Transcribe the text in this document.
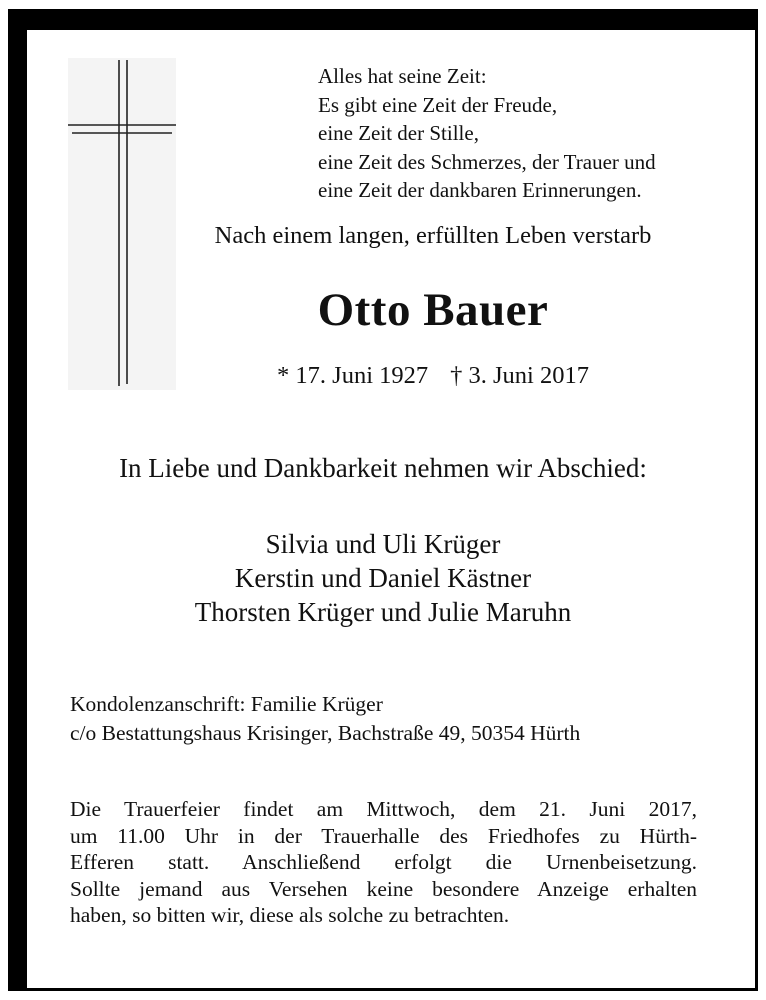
Alles hat seine Zeit:
Es gibt eine Zeit der Freude,
eine Zeit der Stille,
eine Zeit des Schmerzes, der Trauer und
eine Zeit der dankbaren Erinnerungen.
Nach einem langen, erfüllten Leben verstarb
Otto Bauer
* 17. Juni 1927 † 3. Juni 2017
In Liebe und Dankbarkeit nehmen wir Abschied:
Silvia und Uli Krüger
Kerstin und Daniel Kästner
Thorsten Krüger und Julie Maruhn
Kondolenzanschrift: Familie Krüger
c/o Bestattungshaus Krisinger, Bachstraße 49, 50354 Hürth
Die Trauerfeier findet am Mittwoch, dem 21. Juni 2017,
um 11.00 Uhr in der Trauerhalle des Friedhofes zu Hürth-
Efferen statt. Anschließend erfolgt die Urnenbeisetzung.
Sollte jemand aus Versehen keine besondere Anzeige erhalten
haben, so bitten wir, diese als solche zu betrachten.
